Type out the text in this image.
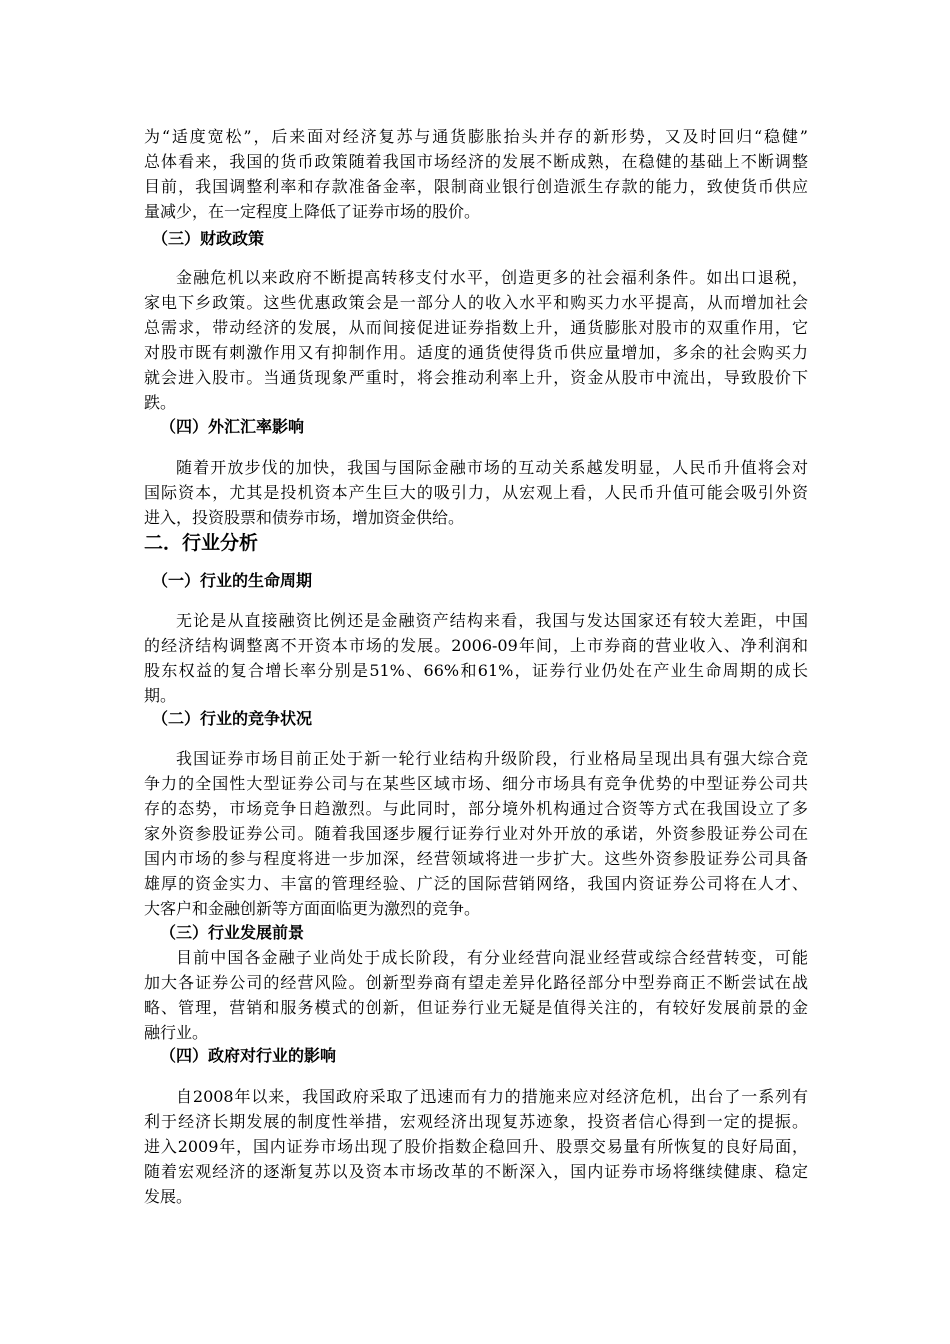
为“适度宽松”，后来面对经济复苏与通货膨胀抬头并存的新形势，又及时回归“稳健”
总体看来，我国的货币政策随着我国市场经济的发展不断成熟，在稳健的基础上不断调整
目前，我国调整利率和存款准备金率，限制商业银行创造派生存款的能力，致使货币供应
量减少，在一定程度上降低了证券市场的股价。
（三）财政政策
金融危机以来政府不断提高转移支付水平，创造更多的社会福利条件。如出口退税，
家电下乡政策。这些优惠政策会是一部分人的收入水平和购买力水平提高，从而增加社会
总需求，带动经济的发展，从而间接促进证券指数上升，通货膨胀对股市的双重作用，它
对股市既有刺激作用又有抑制作用。适度的通货使得货币供应量增加，多余的社会购买力
就会进入股市。当通货现象严重时，将会推动利率上升，资金从股市中流出，导致股价下
跌。
（四）外汇汇率影响
随着开放步伐的加快，我国与国际金融市场的互动关系越发明显，人民币升值将会对
国际资本，尤其是投机资本产生巨大的吸引力，从宏观上看，人民币升值可能会吸引外资
进入，投资股票和债券市场，增加资金供给。
二．行业分析
（一）行业的生命周期
无论是从直接融资比例还是金融资产结构来看，我国与发达国家还有较大差距，中国
的经济结构调整离不开资本市场的发展。2006-09年间，上市券商的营业收入、净利润和
股东权益的复合增长率分别是51%、66%和61%，证券行业仍处在产业生命周期的成长
期。
（二）行业的竞争状况
我国证券市场目前正处于新一轮行业结构升级阶段，行业格局呈现出具有强大综合竞
争力的全国性大型证券公司与在某些区域市场、细分市场具有竞争优势的中型证券公司共
存的态势，市场竞争日趋激烈。与此同时，部分境外机构通过合资等方式在我国设立了多
家外资参股证券公司。随着我国逐步履行证券行业对外开放的承诺，外资参股证券公司在
国内市场的参与程度将进一步加深，经营领域将进一步扩大。这些外资参股证券公司具备
雄厚的资金实力、丰富的管理经验、广泛的国际营销网络，我国内资证券公司将在人才、
大客户和金融创新等方面面临更为激烈的竞争。
（三）行业发展前景
目前中国各金融子业尚处于成长阶段，有分业经营向混业经营或综合经营转变，可能
加大各证券公司的经营风险。创新型券商有望走差异化路径部分中型券商正不断尝试在战
略、管理，营销和服务模式的创新，但证券行业无疑是值得关注的，有较好发展前景的金
融行业。
（四）政府对行业的影响
自2008年以来，我国政府采取了迅速而有力的措施来应对经济危机，出台了一系列有
利于经济长期发展的制度性举措，宏观经济出现复苏迹象，投资者信心得到一定的提振。
进入2009年，国内证券市场出现了股价指数企稳回升、股票交易量有所恢复的良好局面，
随着宏观经济的逐渐复苏以及资本市场改革的不断深入，国内证券市场将继续健康、稳定
发展。
